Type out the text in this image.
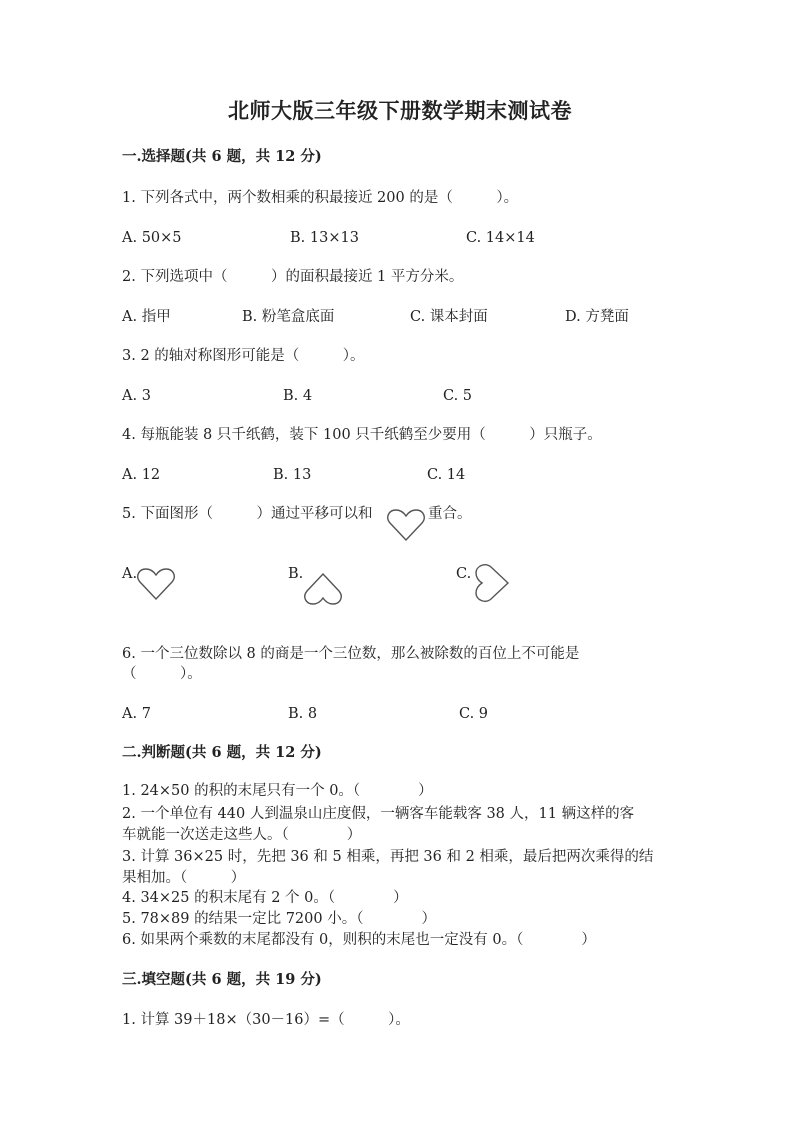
北师大版三年级下册数学期末测试卷
一.选择题(共 6 题，共 12 分)
1. 下列各式中，两个数相乘的积最接近 200 的是（　　　）。
A. 50×5	B. 13×13	C. 14×14
2. 下列选项中（　　　）的面积最接近 1 平方分米。
A. 指甲	B. 粉笔盒底面	C. 课本封面	D. 方凳面
3. 2 的轴对称图形可能是（　　　）。
A. 3	B. 4	C. 5
4. 每瓶能装 8 只千纸鹤，装下 100 只千纸鹤至少要用（　　　）只瓶子。
A. 12	B. 13	C. 14
5. 下面图形（　　　）通过平移可以和	重合。
A.	B.	C.
6. 一个三位数除以 8 的商是一个三位数，那么被除数的百位上不可能是
（　　　）。
A. 7	B. 8	C. 9
二.判断题(共 6 题，共 12 分)
1. 24×50 的积的末尾只有一个 0。（　　　　）
2. 一个单位有 440 人到温泉山庄度假，一辆客车能载客 38 人，11 辆这样的客
车就能一次送走这些人。（　　　　）
3. 计算 36×25 时，先把 36 和 5 相乘，再把 36 和 2 相乘，最后把两次乘得的结
果相加。（　　　）
4. 34×25 的积末尾有 2 个 0。（　　　　）
5. 78×89 的结果一定比 7200 小。（　　　　）
6. 如果两个乘数的末尾都没有 0，则积的末尾也一定没有 0。（　　　　）
三.填空题(共 6 题，共 19 分)
1. 计算 39＋18×（30－16）=（　　　）。
